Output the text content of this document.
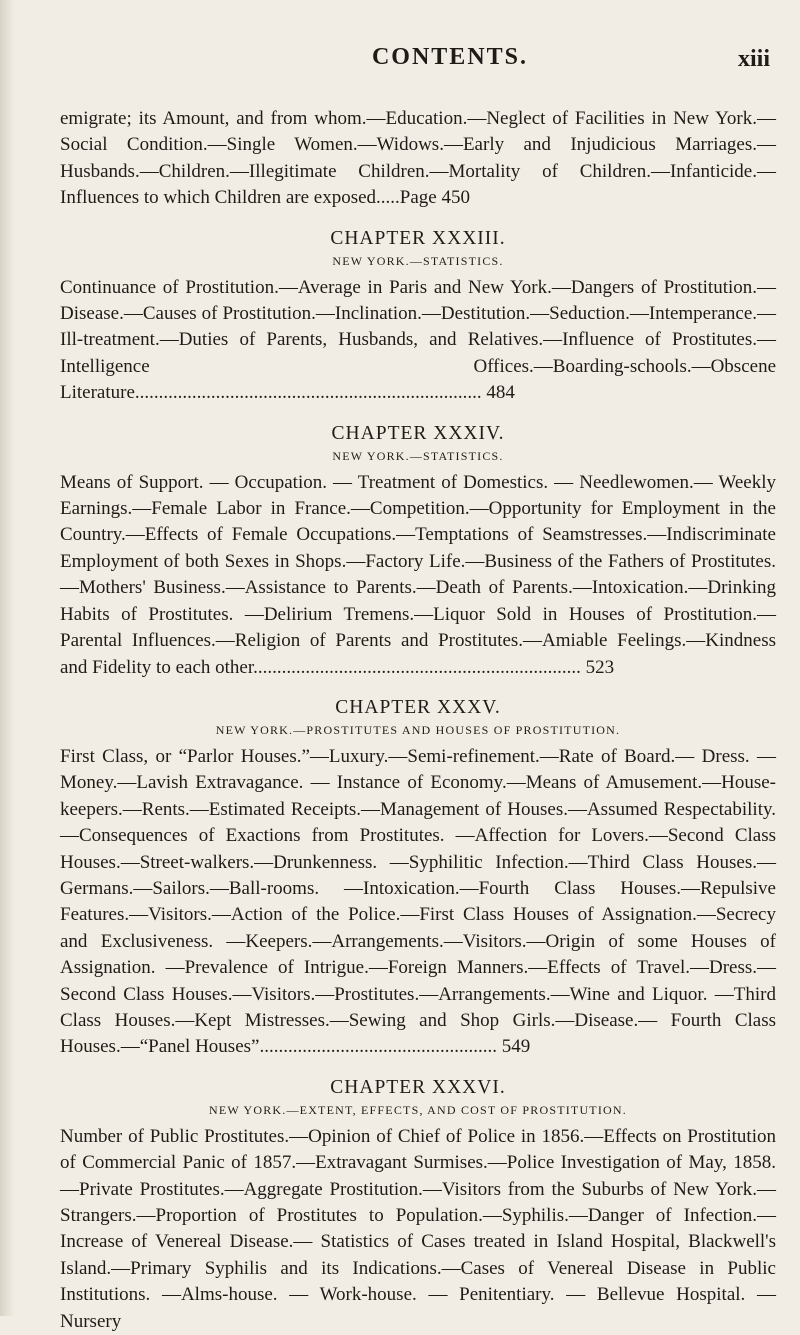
CONTENTS.	xiii

emigrate; its Amount, and from whom.—Education.—Neglect of Facilities in New York.—Social Condition.—Single Women.—Widows.—Early and Injudicious Marriages.—Husbands.—Children.—Illegitimate Children.—Mortality of Children.—Infanticide.—Influences to which Children are exposed.....Page 450

CHAPTER XXXIII.
NEW YORK.—STATISTICS.

Continuance of Prostitution.—Average in Paris and New York.—Dangers of Prostitution.—Disease.—Causes of Prostitution.—Inclination.—Destitution.—Seduction.—Intemperance.—Ill-treatment.—Duties of Parents, Husbands, and Relatives.—Influence of Prostitutes.—Intelligence Offices.—Boarding-schools.—Obscene Literature......................................................................... 484

CHAPTER XXXIV.
NEW YORK.—STATISTICS.

Means of Support. — Occupation. — Treatment of Domestics. — Needlewomen.— Weekly Earnings.—Female Labor in France.—Competition.—Opportunity for Employment in the Country.—Effects of Female Occupations.—Temptations of Seamstresses.—Indiscriminate Employment of both Sexes in Shops.—Factory Life.—Business of the Fathers of Prostitutes.—Mothers' Business.—Assistance to Parents.—Death of Parents.—Intoxication.—Drinking Habits of Prostitutes. —Delirium Tremens.—Liquor Sold in Houses of Prostitution.—Parental Influences.—Religion of Parents and Prostitutes.—Amiable Feelings.—Kindness and Fidelity to each other..................................................................... 523

CHAPTER XXXV.
NEW YORK.—PROSTITUTES AND HOUSES OF PROSTITUTION.

First Class, or “Parlor Houses.”—Luxury.—Semi-refinement.—Rate of Board.— Dress. — Money.—Lavish Extravagance. — Instance of Economy.—Means of Amusement.—House-keepers.—Rents.—Estimated Receipts.—Management of Houses.—Assumed Respectability.—Consequences of Exactions from Prostitutes. —Affection for Lovers.—Second Class Houses.—Street-walkers.—Drunkenness. —Syphilitic Infection.—Third Class Houses.—Germans.—Sailors.—Ball-rooms. —Intoxication.—Fourth Class Houses.—Repulsive Features.—Visitors.—Action of the Police.—First Class Houses of Assignation.—Secrecy and Exclusiveness. —Keepers.—Arrangements.—Visitors.—Origin of some Houses of Assignation. —Prevalence of Intrigue.—Foreign Manners.—Effects of Travel.—Dress.—Second Class Houses.—Visitors.—Prostitutes.—Arrangements.—Wine and Liquor. —Third Class Houses.—Kept Mistresses.—Sewing and Shop Girls.—Disease.— Fourth Class Houses.—“Panel Houses”.................................................. 549

CHAPTER XXXVI.
NEW YORK.—EXTENT, EFFECTS, AND COST OF PROSTITUTION.

Number of Public Prostitutes.—Opinion of Chief of Police in 1856.—Effects on Prostitution of Commercial Panic of 1857.—Extravagant Surmises.—Police Investigation of May, 1858.—Private Prostitutes.—Aggregate Prostitution.—Visitors from the Suburbs of New York.—Strangers.—Proportion of Prostitutes to Population.—Syphilis.—Danger of Infection.—Increase of Venereal Disease.— Statistics of Cases treated in Island Hospital, Blackwell's Island.—Primary Syphilis and its Indications.—Cases of Venereal Disease in Public Institutions. —Alms-house. — Work-house. — Penitentiary. — Bellevue Hospital. — Nursery
